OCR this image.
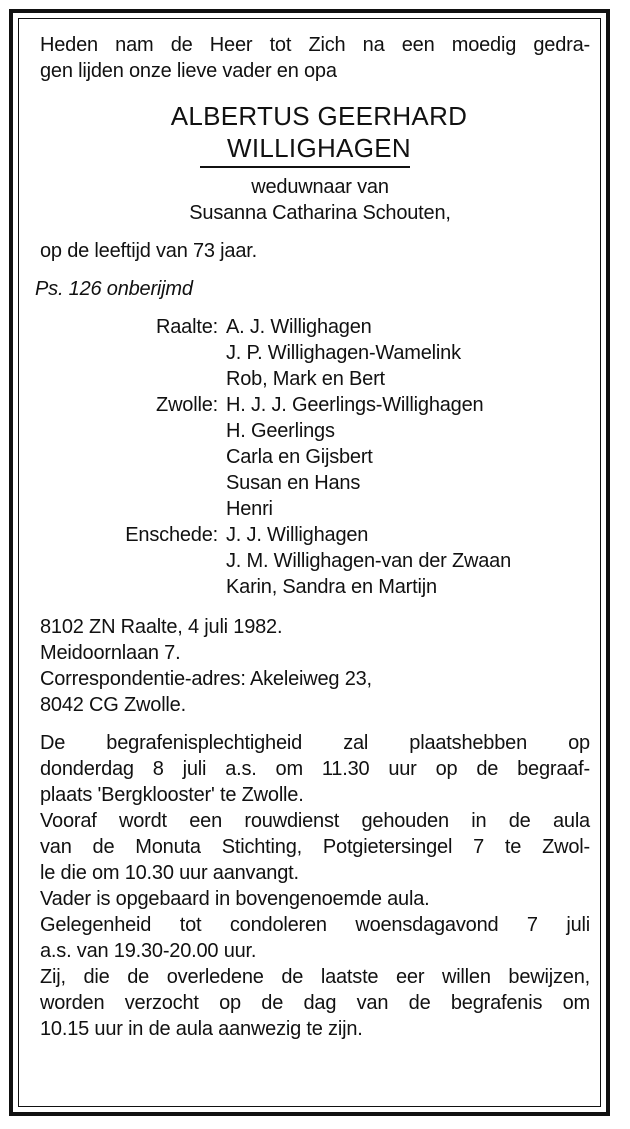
Heden nam de Heer tot Zich na een moedig gedra-

gen lijden onze lieve vader en opa

ALBERTUS GEERHARD

WILLIGHAGEN

weduwnaar van

Susanna Catharina Schouten,

op de leeftijd van 73 jaar.

Ps. 126 onberijmd

Raalte: A. J. Willighagen
J. P. Willighagen-Wamelink
Rob, Mark en Bert
Zwolle: H. J. J. Geerlings-Willighagen
H. Geerlings
Carla en Gijsbert
Susan en Hans
Henri
Enschede: J. J. Willighagen
J. M. Willighagen-van der Zwaan
Karin, Sandra en Martijn

8102 ZN Raalte, 4 juli 1982.

Meidoornlaan 7.

Correspondentie-adres: Akeleiweg 23,

8042 CG Zwolle.

De begrafenisplechtigheid zal plaatshebben op

donderdag 8 juli a.s. om 11.30 uur op de begraaf-

plaats 'Bergklooster' te Zwolle.

Vooraf wordt een rouwdienst gehouden in de aula

van de Monuta Stichting, Potgietersingel 7 te Zwol-

le die om 10.30 uur aanvangt.

Vader is opgebaard in bovengenoemde aula.

Gelegenheid tot condoleren woensdagavond 7 juli

a.s. van 19.30-20.00 uur.

Zij, die de overledene de laatste eer willen bewijzen,

worden verzocht op de dag van de begrafenis om

10.15 uur in de aula aanwezig te zijn.
